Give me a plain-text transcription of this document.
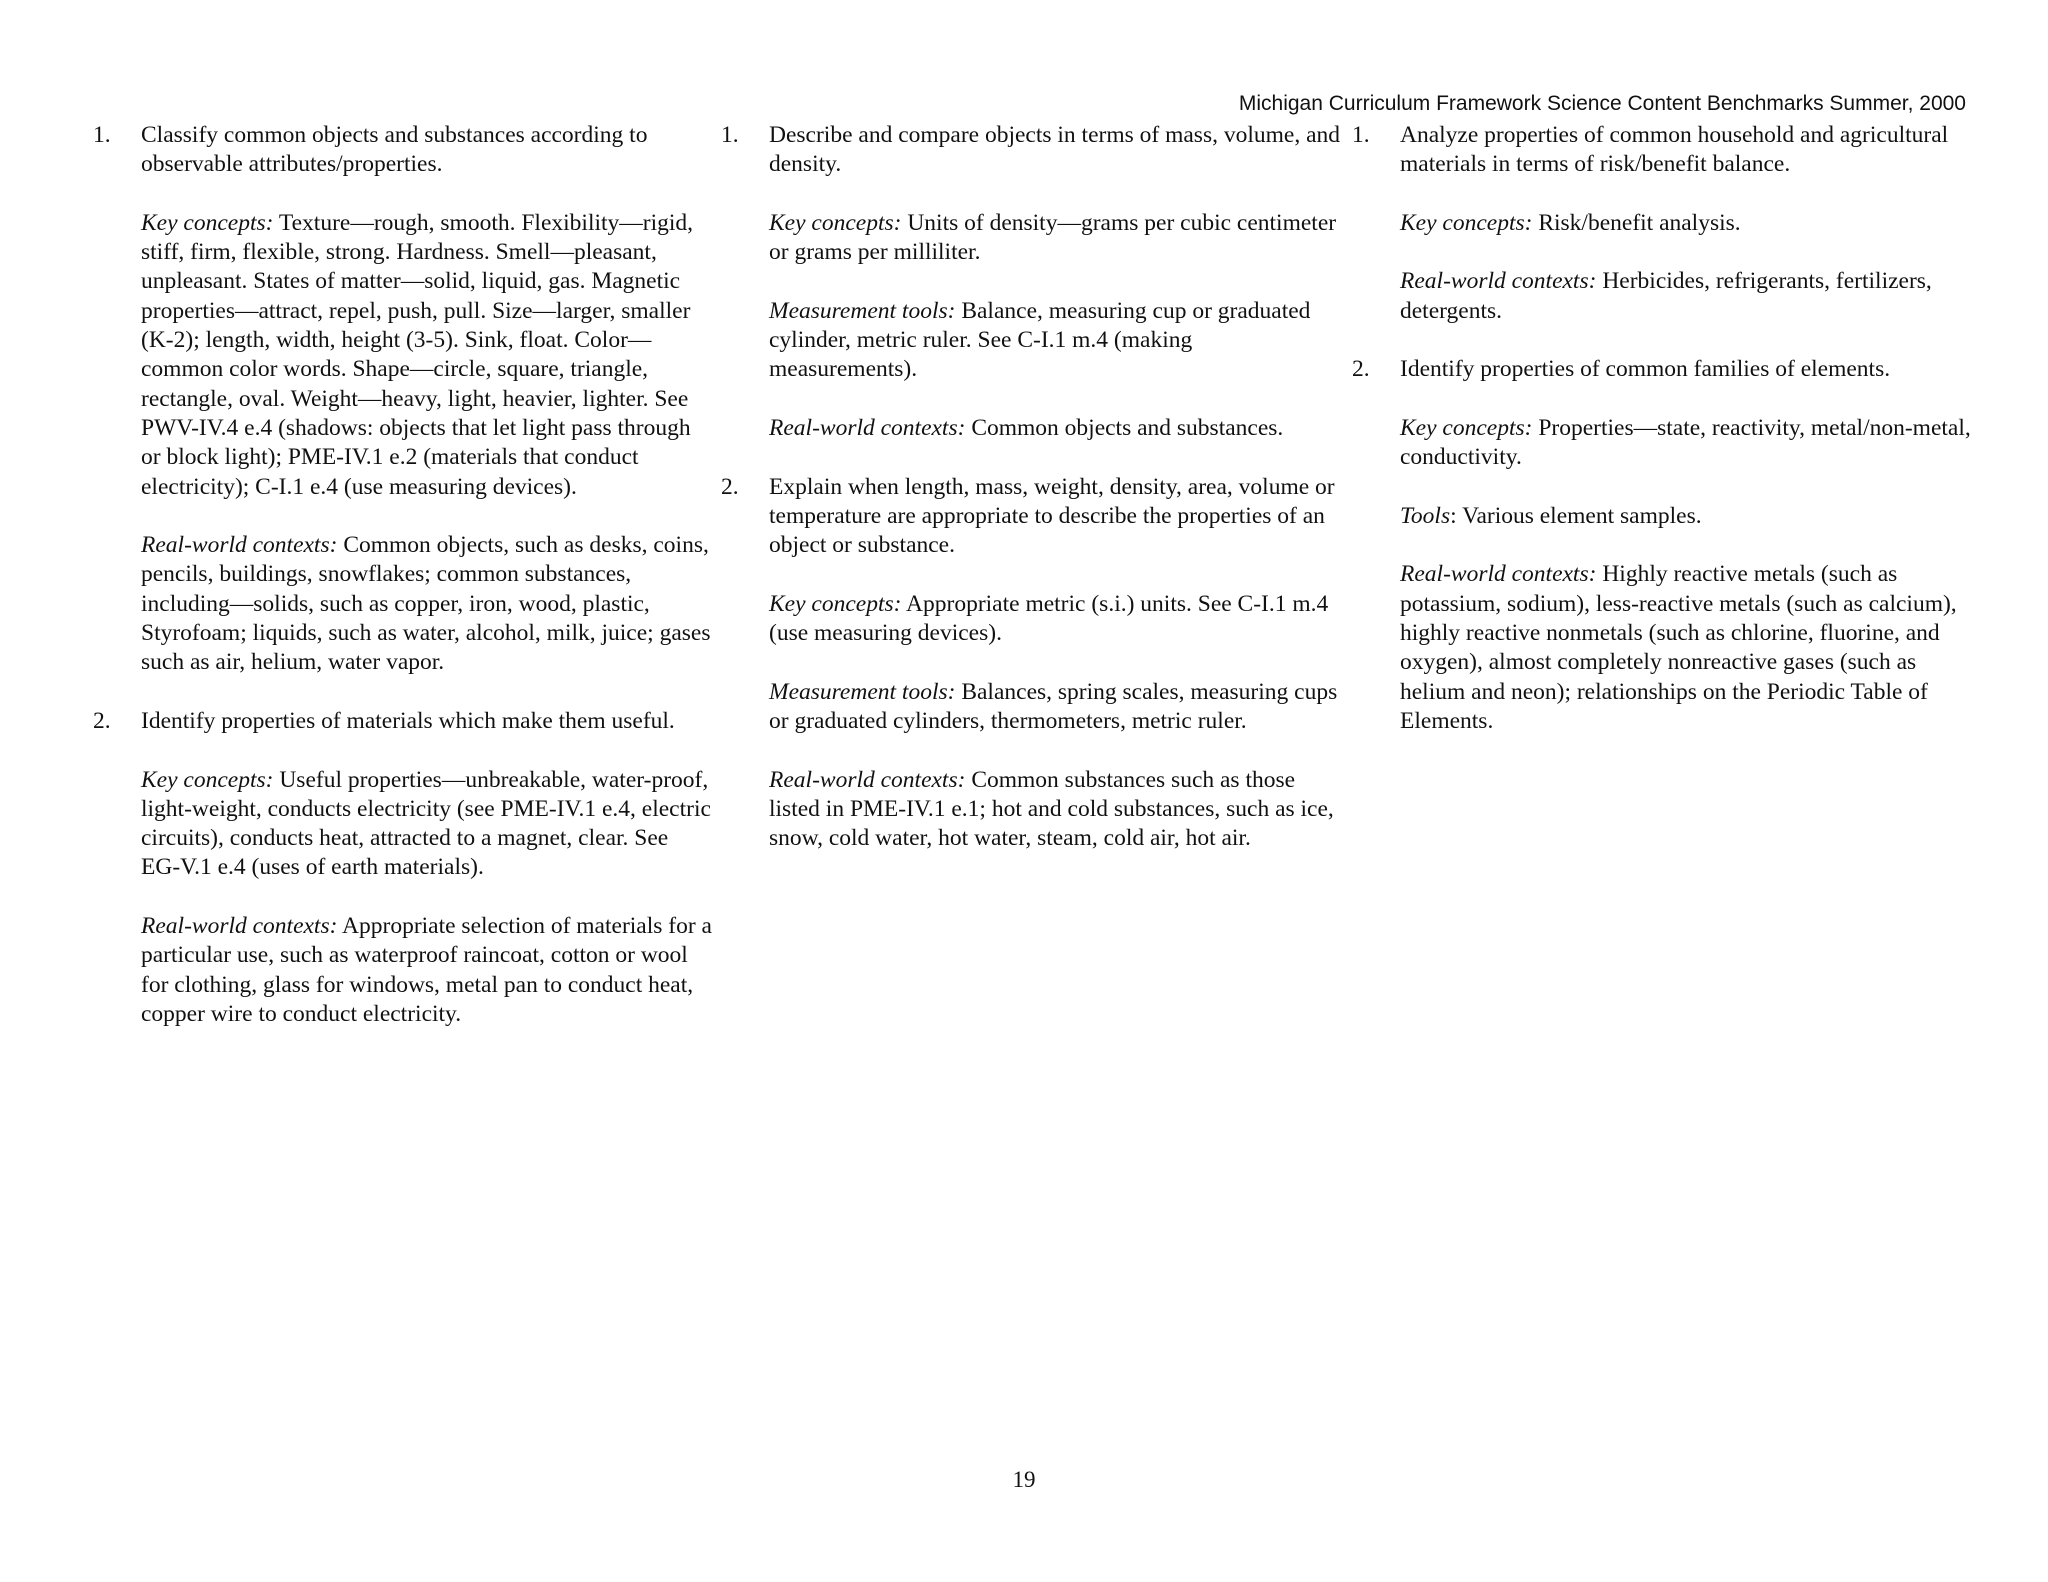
Michigan Curriculum Framework Science Content Benchmarks Summer, 2000
1. Classify common objects and substances according to observable attributes/properties.
Key concepts: Texture—rough, smooth. Flexibility—rigid, stiff, firm, flexible, strong. Hardness. Smell—pleasant, unpleasant. States of matter—solid, liquid, gas. Magnetic properties—attract, repel, push, pull. Size—larger, smaller (K-2); length, width, height (3-5). Sink, float. Color—common color words. Shape—circle, square, triangle, rectangle, oval. Weight—heavy, light, heavier, lighter. See PWV-IV.4 e.4 (shadows: objects that let light pass through or block light); PME-IV.1 e.2 (materials that conduct electricity); C-I.1 e.4 (use measuring devices).
Real-world contexts: Common objects, such as desks, coins, pencils, buildings, snowflakes; common substances, including—solids, such as copper, iron, wood, plastic, Styrofoam; liquids, such as water, alcohol, milk, juice; gases such as air, helium, water vapor.
2. Identify properties of materials which make them useful.
Key concepts: Useful properties—unbreakable, water-proof, light-weight, conducts electricity (see PME-IV.1 e.4, electric circuits), conducts heat, attracted to a magnet, clear. See EG-V.1 e.4 (uses of earth materials).
Real-world contexts: Appropriate selection of materials for a particular use, such as waterproof raincoat, cotton or wool for clothing, glass for windows, metal pan to conduct heat, copper wire to conduct electricity.
1. Describe and compare objects in terms of mass, volume, and density.
Key concepts: Units of density—grams per cubic centimeter or grams per milliliter.
Measurement tools: Balance, measuring cup or graduated cylinder, metric ruler. See C-I.1 m.4 (making measurements).
Real-world contexts: Common objects and substances.
2. Explain when length, mass, weight, density, area, volume or temperature are appropriate to describe the properties of an object or substance.
Key concepts: Appropriate metric (s.i.) units. See C-I.1 m.4 (use measuring devices).
Measurement tools: Balances, spring scales, measuring cups or graduated cylinders, thermometers, metric ruler.
Real-world contexts: Common substances such as those listed in PME-IV.1 e.1; hot and cold substances, such as ice, snow, cold water, hot water, steam, cold air, hot air.
1. Analyze properties of common household and agricultural materials in terms of risk/benefit balance.
Key concepts: Risk/benefit analysis.
Real-world contexts: Herbicides, refrigerants, fertilizers, detergents.
2. Identify properties of common families of elements.
Key concepts: Properties—state, reactivity, metal/non-metal, conductivity.
Tools: Various element samples.
Real-world contexts: Highly reactive metals (such as potassium, sodium), less-reactive metals (such as calcium), highly reactive nonmetals (such as chlorine, fluorine, and oxygen), almost completely nonreactive gases (such as helium and neon); relationships on the Periodic Table of Elements.
19
